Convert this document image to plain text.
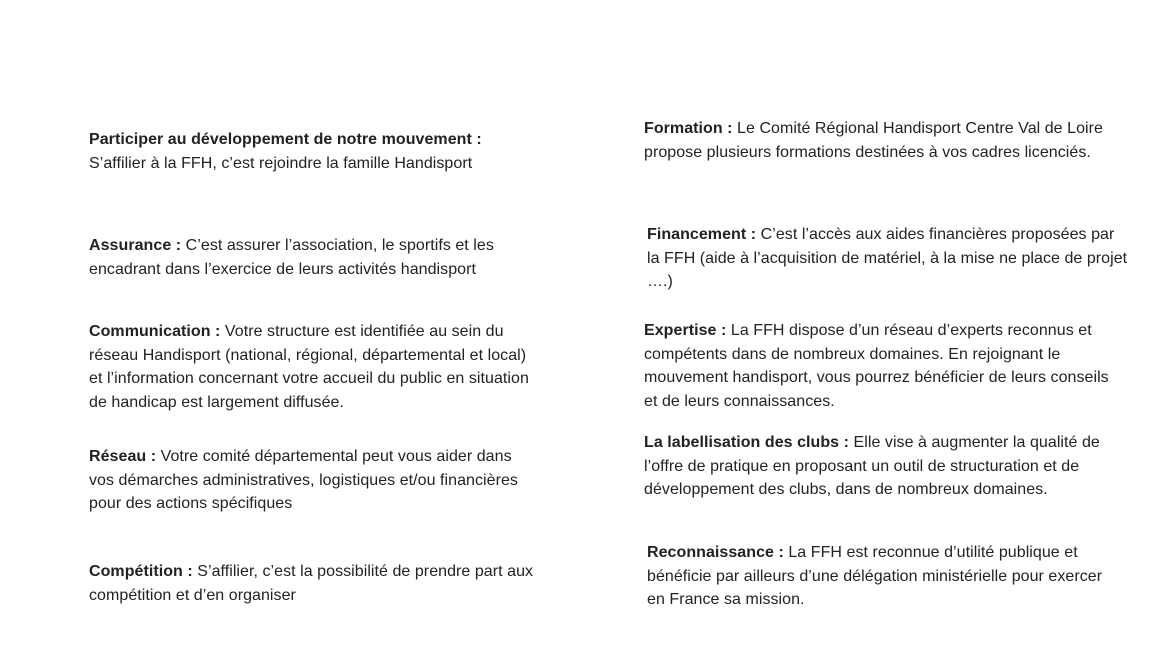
Participer au développement de notre mouvement :
S’affilier à la FFH, c’est rejoindre la famille Handisport
Assurance : C’est assurer l’association, le sportifs et les encadrant dans l’exercice de leurs activités handisport
Communication : Votre structure est identifiée au sein du réseau Handisport (national, régional, départemental et local) et l’information concernant votre accueil du public en situation de handicap est largement diffusée.
Réseau : Votre comité départemental peut vous aider dans vos démarches administratives, logistiques et/ou financières pour des actions spécifiques
Compétition : S’affilier, c’est la possibilité de prendre part aux compétition et d’en organiser
Formation : Le Comité Régional Handisport Centre Val de Loire propose plusieurs formations destinées à vos cadres licenciés.
Financement : C’est l’accès aux aides financières proposées par la FFH (aide à l’acquisition de matériel, à la mise ne place de projet ….)
Expertise : La FFH dispose d’un réseau d’experts reconnus et compétents dans de nombreux domaines. En rejoignant le mouvement handisport, vous pourrez bénéficier de leurs conseils et de leurs connaissances.
La labellisation des clubs : Elle vise à augmenter la qualité de l’offre de pratique en proposant un outil de structuration et de développement des clubs, dans de nombreux domaines.
Reconnaissance : La FFH est reconnue d’utilité publique et bénéficie par ailleurs d’une délégation ministérielle pour exercer en France sa mission.
